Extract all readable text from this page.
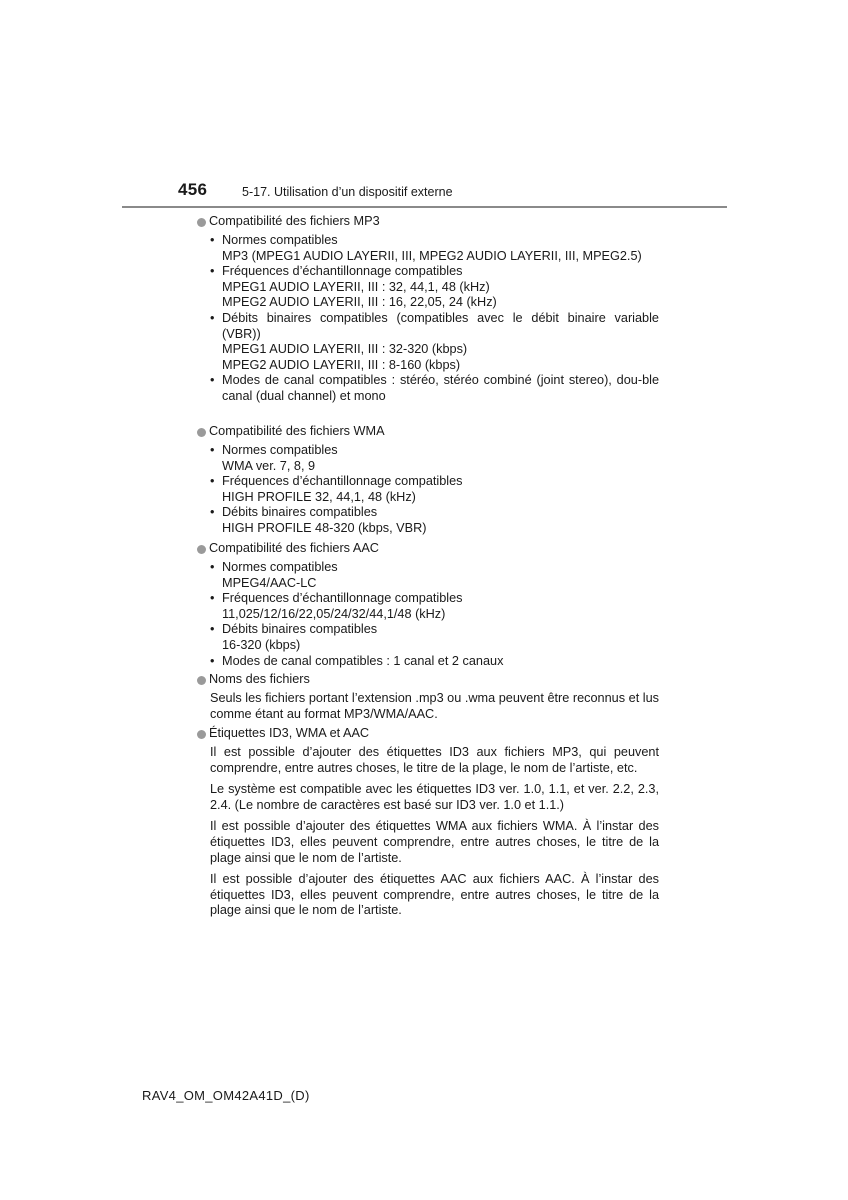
456	5-17. Utilisation d’un dispositif externe
Compatibilité des fichiers MP3
• Normes compatibles
MP3 (MPEG1 AUDIO LAYERII, III, MPEG2 AUDIO LAYERII, III, MPEG2.5)
• Fréquences d’échantillonnage compatibles
MPEG1 AUDIO LAYERII, III : 32, 44,1, 48 (kHz)
MPEG2 AUDIO LAYERII, III : 16, 22,05, 24 (kHz)
• Débits binaires compatibles (compatibles avec le débit binaire variable (VBR))
MPEG1 AUDIO LAYERII, III : 32-320 (kbps)
MPEG2 AUDIO LAYERII, III : 8-160 (kbps)
• Modes de canal compatibles : stéréo, stéréo combiné (joint stereo), dou-ble canal (dual channel) et mono
Compatibilité des fichiers WMA
• Normes compatibles
WMA ver. 7, 8, 9
• Fréquences d’échantillonnage compatibles
HIGH PROFILE 32, 44,1, 48 (kHz)
• Débits binaires compatibles
HIGH PROFILE 48-320 (kbps, VBR)
Compatibilité des fichiers AAC
• Normes compatibles
MPEG4/AAC-LC
• Fréquences d’échantillonnage compatibles
11,025/12/16/22,05/24/32/44,1/48 (kHz)
• Débits binaires compatibles
16-320 (kbps)
• Modes de canal compatibles : 1 canal et 2 canaux
Noms des fichiers

Seuls les fichiers portant l’extension .mp3 ou .wma peuvent être reconnus et lus comme étant au format MP3/WMA/AAC.

Étiquettes ID3, WMA et AAC

Il est possible d’ajouter des étiquettes ID3 aux fichiers MP3, qui peuvent comprendre, entre autres choses, le titre de la plage, le nom de l’artiste, etc.

Le système est compatible avec les étiquettes ID3 ver. 1.0, 1.1, et ver. 2.2, 2.3, 2.4. (Le nombre de caractères est basé sur ID3 ver. 1.0 et 1.1.)

Il est possible d’ajouter des étiquettes WMA aux fichiers WMA. À l’instar des étiquettes ID3, elles peuvent comprendre, entre autres choses, le titre de la plage ainsi que le nom de l’artiste.

Il est possible d’ajouter des étiquettes AAC aux fichiers AAC. À l’instar des étiquettes ID3, elles peuvent comprendre, entre autres choses, le titre de la plage ainsi que le nom de l’artiste.

RAV4_OM_OM42A41D_(D)
